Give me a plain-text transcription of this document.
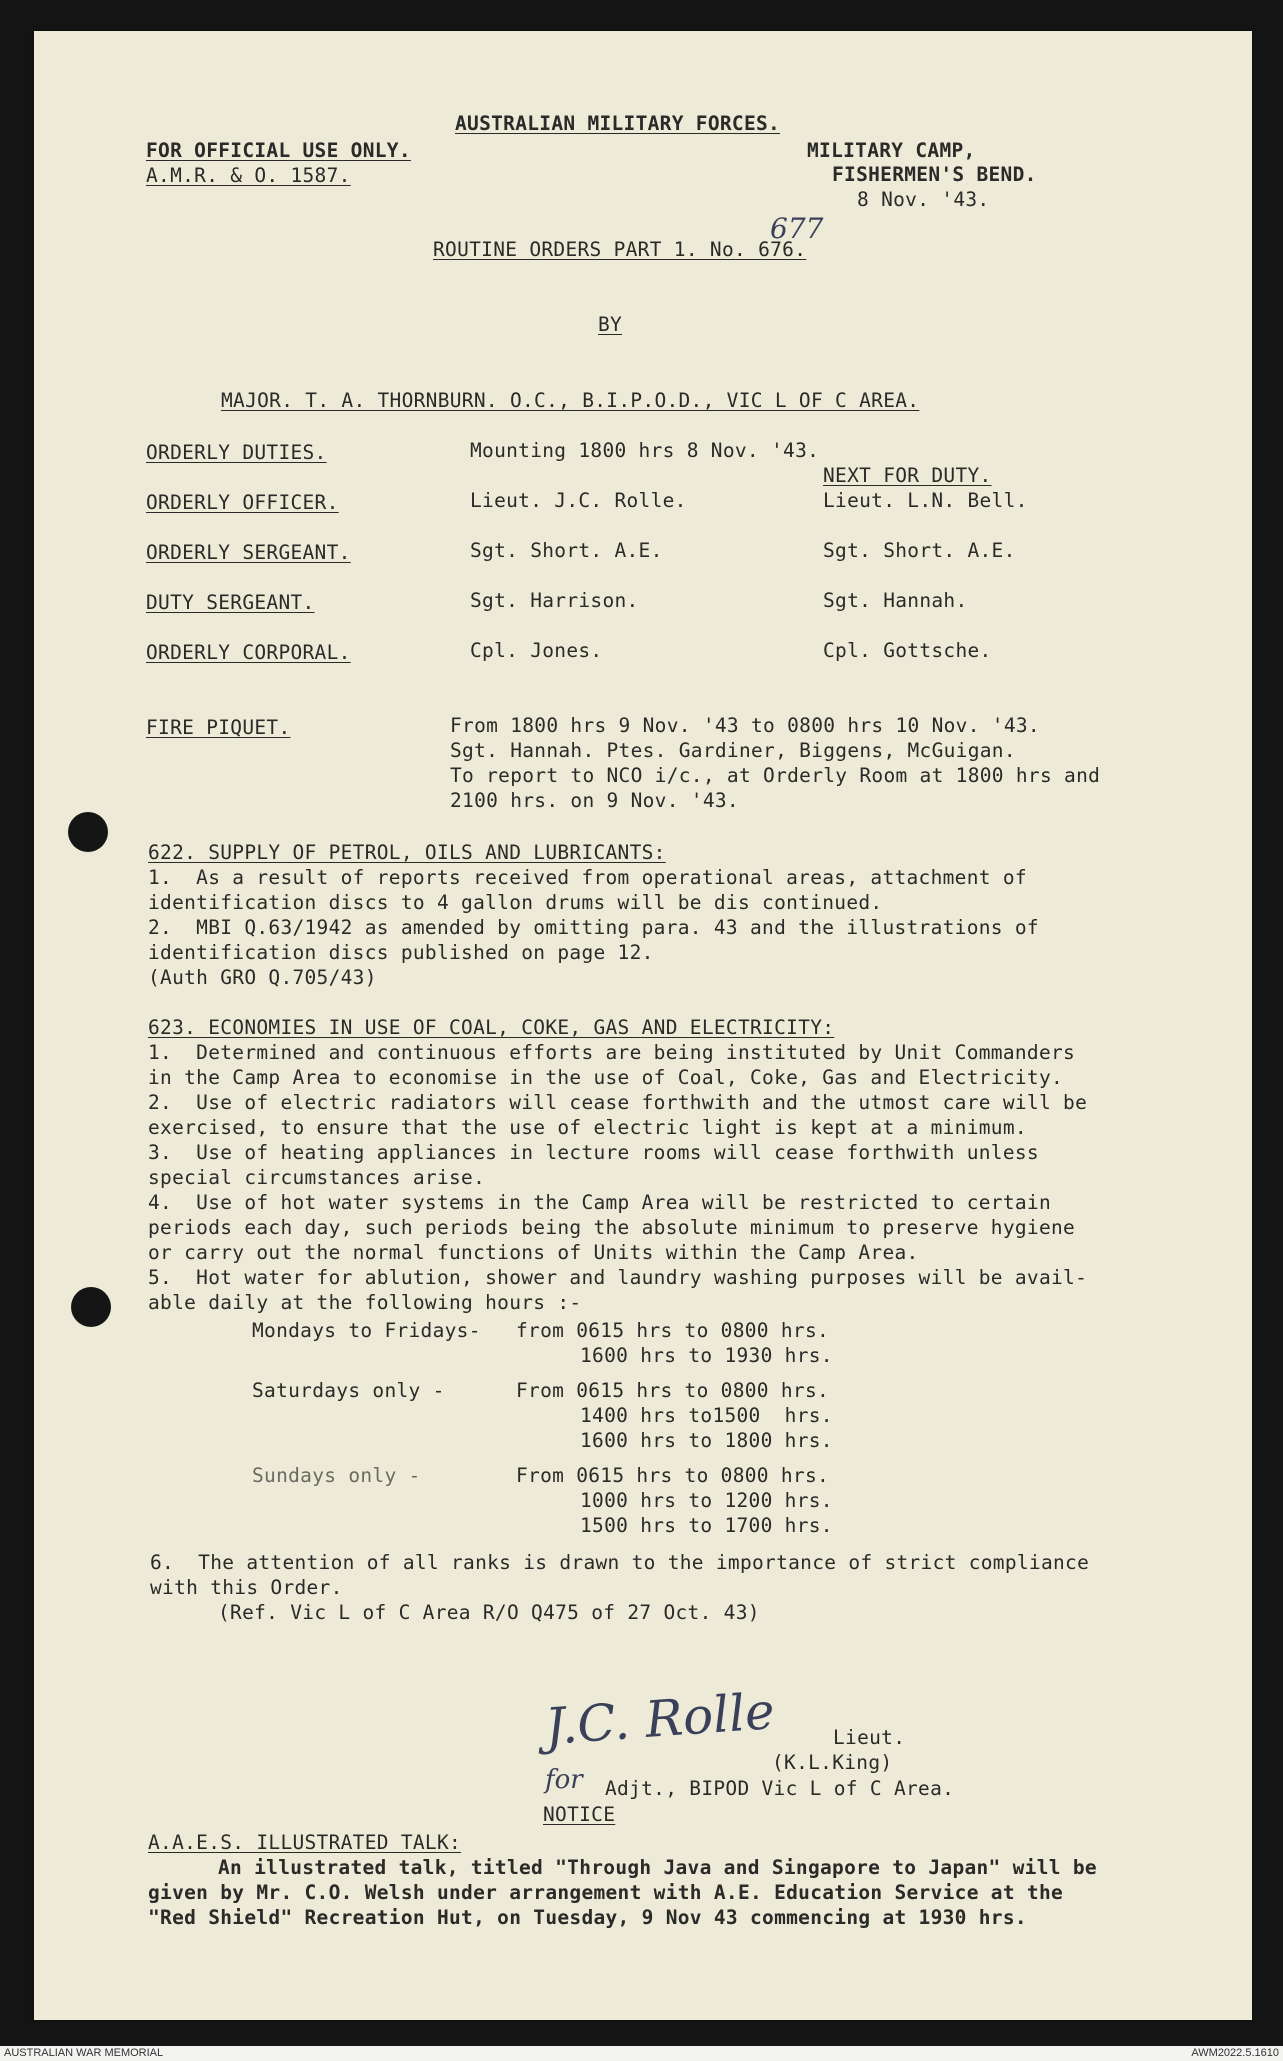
AUSTRALIAN MILITARY FORCES.
FOR OFFICIAL USE ONLY.
A.M.R. & O. 1587.
MILITARY CAMP,
FISHERMEN'S BEND.
8 Nov. '43.
ROUTINE ORDERS PART 1. No. 676.
677
BY
MAJOR. T. A. THORNBURN. O.C., B.I.P.O.D., VIC L OF C AREA.
ORDERLY DUTIES.	Mounting 1800 hrs 8 Nov. '43.
NEXT FOR DUTY.
ORDERLY OFFICER.	Lieut. J.C. Rolle.	Lieut. L.N. Bell.
ORDERLY SERGEANT.	Sgt. Short. A.E.	Sgt. Short. A.E.
DUTY SERGEANT.	Sgt. Harrison.	Sgt. Hannah.
ORDERLY CORPORAL.	Cpl. Jones.	Cpl. Gottsche.
FIRE PIQUET.	From 1800 hrs 9 Nov. '43 to 0800 hrs 10 Nov. '43.
Sgt. Hannah. Ptes. Gardiner, Biggens, McGuigan.
To report to NCO i/c., at Orderly Room at 1800 hrs and
2100 hrs. on 9 Nov. '43.
622. SUPPLY OF PETROL, OILS AND LUBRICANTS:
1.  As a result of reports received from operational areas, attachment of
identification discs to 4 gallon drums will be dis continued.
2.  MBI Q.63/1942 as amended by omitting para. 43 and the illustrations of
identification discs published on page 12.
(Auth GRO Q.705/43)
623. ECONOMIES IN USE OF COAL, COKE, GAS AND ELECTRICITY:
1.  Determined and continuous efforts are being instituted by Unit Commanders
in the Camp Area to economise in the use of Coal, Coke, Gas and Electricity.
2.  Use of electric radiators will cease forthwith and the utmost care will be
exercised, to ensure that the use of electric light is kept at a minimum.
3.  Use of heating appliances in lecture rooms will cease forthwith unless
special circumstances arise.
4.  Use of hot water systems in the Camp Area will be restricted to certain
periods each day, such periods being the absolute minimum to preserve hygiene
or carry out the normal functions of Units within the Camp Area.
5.  Hot water for ablution, shower and laundry washing purposes will be avail-
able daily at the following hours :-
Mondays to Fridays- from 0615 hrs to 0800 hrs.
1600 hrs to 1930 hrs.
Saturdays only -	From 0615 hrs to 0800 hrs.
1400 hrs to1500  hrs.
1600 hrs to 1800 hrs.
Sundays only -	From 0615 hrs to 0800 hrs.
1000 hrs to 1200 hrs.
1500 hrs to 1700 hrs.
6.  The attention of all ranks is drawn to the importance of strict compliance
with this Order.
(Ref. Vic L of C Area R/O Q475 of 27 Oct. 43)
J.C. Rolle
for
Lieut.
(K.L.King)
Adjt., BIPOD Vic L of C Area.
NOTICE
A.A.E.S. ILLUSTRATED TALK:
An illustrated talk, titled "Through Java and Singapore to Japan" will be
given by Mr. C.O. Welsh under arrangement with A.E. Education Service at the
"Red Shield" Recreation Hut, on Tuesday, 9 Nov 43 commencing at 1930 hrs.
AUSTRALIAN WAR MEMORIAL	AWM2022.5.1610
